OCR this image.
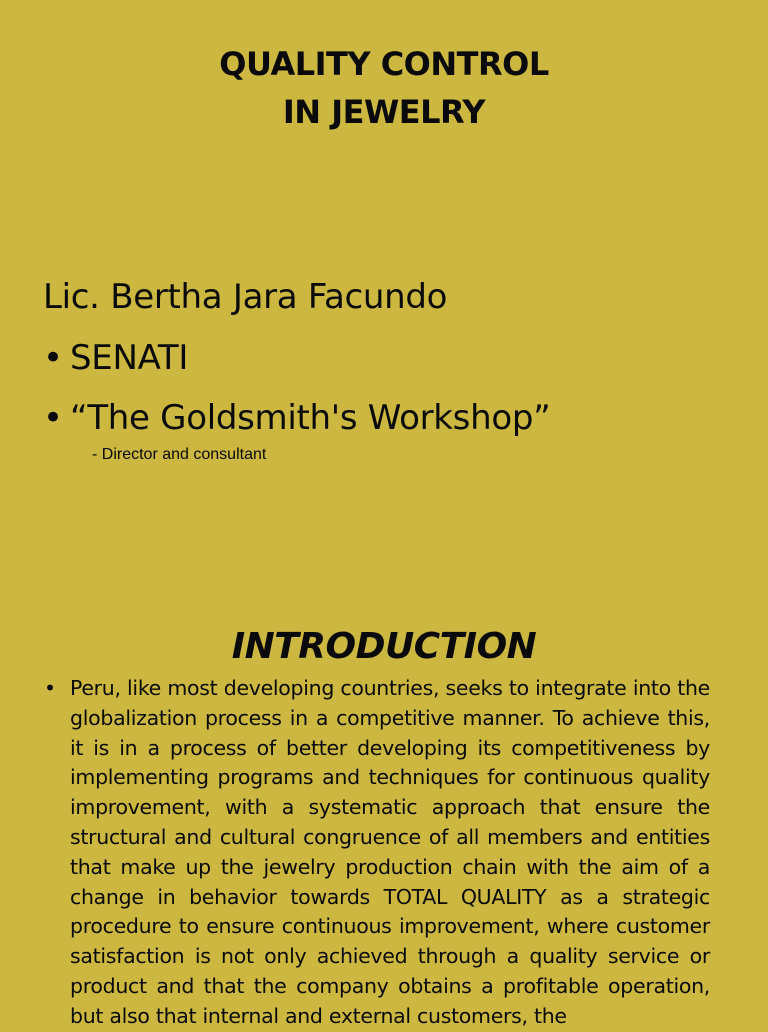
QUALITY CONTROL
IN JEWELRY
Lic. Bertha Jara Facundo
• SENATI
• “The Goldsmith's Workshop”
- Director and consultant
INTRODUCTION
• Peru, like most developing countries, seeks to integrate into the globalization process in a competitive manner. To achieve this, it is in a process of better developing its competitiveness by implementing programs and techniques for continuous quality improvement, with a systematic approach that ensure the structural and cultural congruence of all members and entities that make up the jewelry production chain with the aim of a change in behavior towards TOTAL QUALITY as a strategic procedure to ensure continuous improvement, where customer satisfaction is not only achieved through a quality service or product and that the company obtains a profitable operation, but also that internal and external customers, the
